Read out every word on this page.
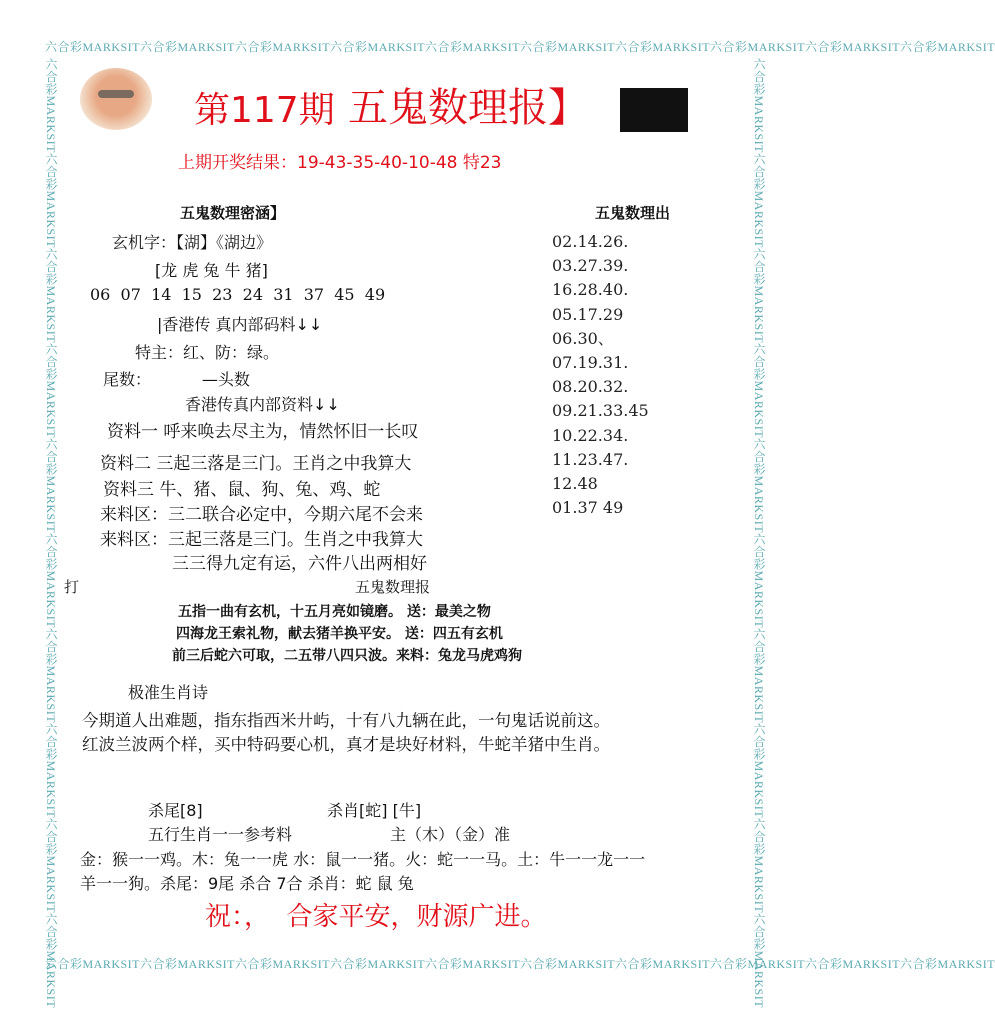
六合彩MARKSIT六合彩MARKSIT六合彩MARKSIT六合彩MARKSIT六合彩MARKSIT六合彩MARKSIT六合彩MARKSIT六合彩MARKSIT六合彩MARKSIT六合彩MARKSIT
六合彩MARKSIT六合彩MARKSIT六合彩MARKSIT六合彩MARKSIT六合彩MARKSIT六合彩MARKSIT六合彩MARKSIT六合彩MARKSIT六合彩MARKSIT六合彩MARKSIT
六合彩MARKSIT六合彩MARKSIT六合彩MARKSIT六合彩MARKSIT六合彩MARKSIT六合彩MARKSIT六合彩MARKSIT六合彩MARKSIT六合彩MARKSIT六合彩MARKSIT	六合彩MARKSIT六合彩MARKSIT六合彩MARKSIT六合彩MARKSIT六合彩MARKSIT六合彩MARKSIT六合彩MARKSIT六合彩MARKSIT六合彩MARKSIT六合彩MARKSIT
第117期 五鬼数理报】
上期开奖结果：19-43-35-40-10-48 特23
五鬼数理密涵】
玄机字：【湖】《湖边》
[龙 虎 兔 牛 猪]
06  07  14  15  23  24  31  37  45  49
|香港传 真内部码料↓↓
特主：红、防：绿。
尾数：          —头数
香港传真内部资料↓↓
资料一 呼来唤去尽主为，情然怀旧一长叹
资料二 三起三落是三门。王肖之中我算大
资料三 牛、猪、鼠、狗、兔、鸡、蛇
来料区：三二联合必定中，今期六尾不会来
来料区：三起三落是三门。生肖之中我算大
三三得九定有运，六件八出两相好
五鬼数理出
02.14.26.
03.27.39.
16.28.40.
05.17.29
06.30、
07.19.31.
08.20.32.
09.21.33.45
10.22.34.
11.23.47.
12.48
01.37 49
打	五鬼数理报
五指一曲有玄机，十五月亮如镜磨。 送：最美之物
四海龙王索礼物，献去猪羊换平安。 送：四五有玄机
前三后蛇六可取，二五带八四只波。来料：兔龙马虎鸡狗
极准生肖诗
今期道人出难题，指东指西米廾屿，十有八九辆在此，一句鬼话说前这。
红波兰波两个样，买中特码要心机，真才是块好材料，牛蛇羊猪中生肖。
杀尾[8]	杀肖[蛇] [牛]
五行生肖一一参考料	主（木）（金）准
金：猴一一鸡。木：兔一一虎 水：鼠一一猪。火：蛇一一马。土：牛一一龙一一
羊一一狗。杀尾：9尾 杀合 7合 杀肖：蛇 鼠 兔
祝：，  合家平安，财源广进。
